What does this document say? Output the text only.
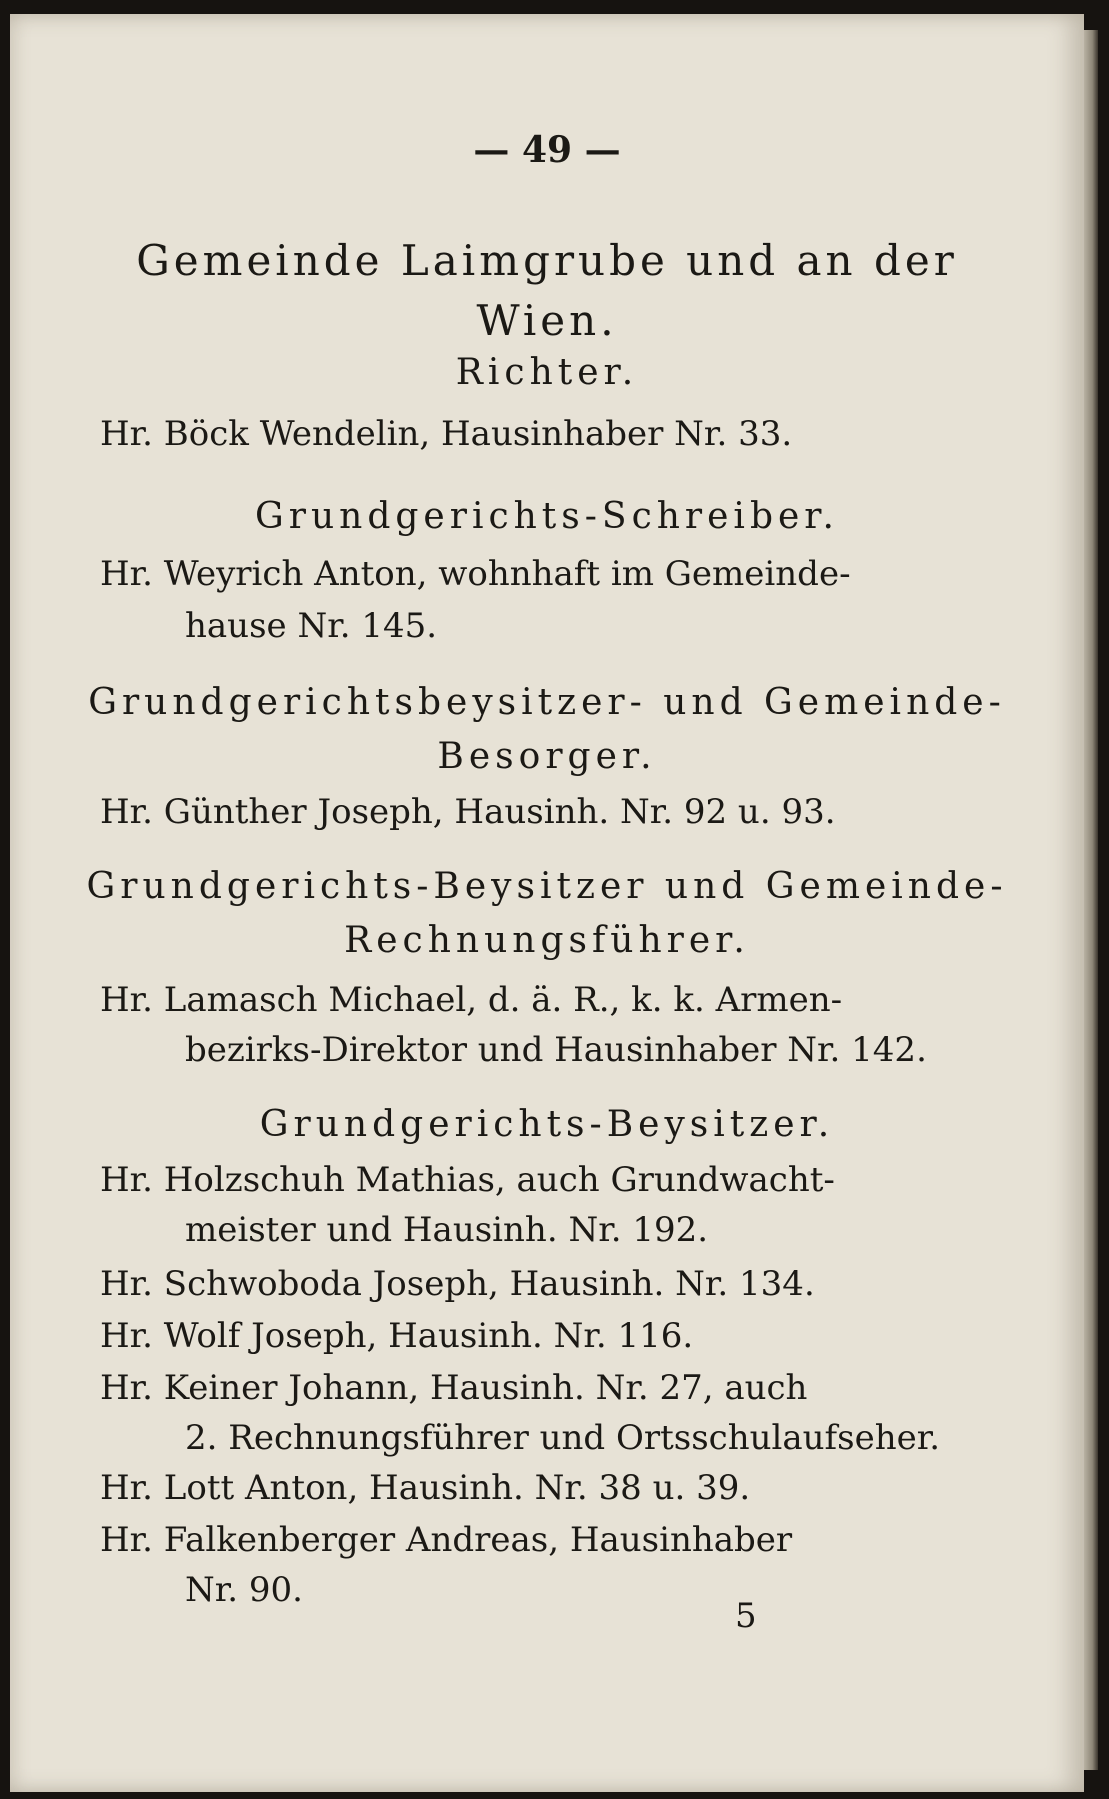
— 49 —
Gemeinde Laimgrube und an der
Wien.
Richter.
Hr. Böck Wendelin, Hausinhaber Nr. 33.
Grundgerichts-Schreiber.
Hr. Weyrich Anton, wohnhaft im Gemeinde-
hause Nr. 145.
Grundgerichtsbeysitzer- und Gemeinde-
Besorger.
Hr. Günther Joseph, Hausinh. Nr. 92 u. 93.
Grundgerichts-Beysitzer und Gemeinde-
Rechnungsführer.
Hr. Lamasch Michael, d. ä. R., k. k. Armen-
bezirks-Direktor und Hausinhaber Nr. 142.
Grundgerichts-Beysitzer.
Hr. Holzschuh Mathias, auch Grundwacht-
meister und Hausinh. Nr. 192.
Hr. Schwoboda Joseph, Hausinh. Nr. 134.
Hr. Wolf Joseph, Hausinh. Nr. 116.
Hr. Keiner Johann, Hausinh. Nr. 27, auch
2. Rechnungsführer und Ortsschulaufseher.
Hr. Lott Anton, Hausinh. Nr. 38 u. 39.
Hr. Falkenberger Andreas, Hausinhaber
Nr. 90.
5
